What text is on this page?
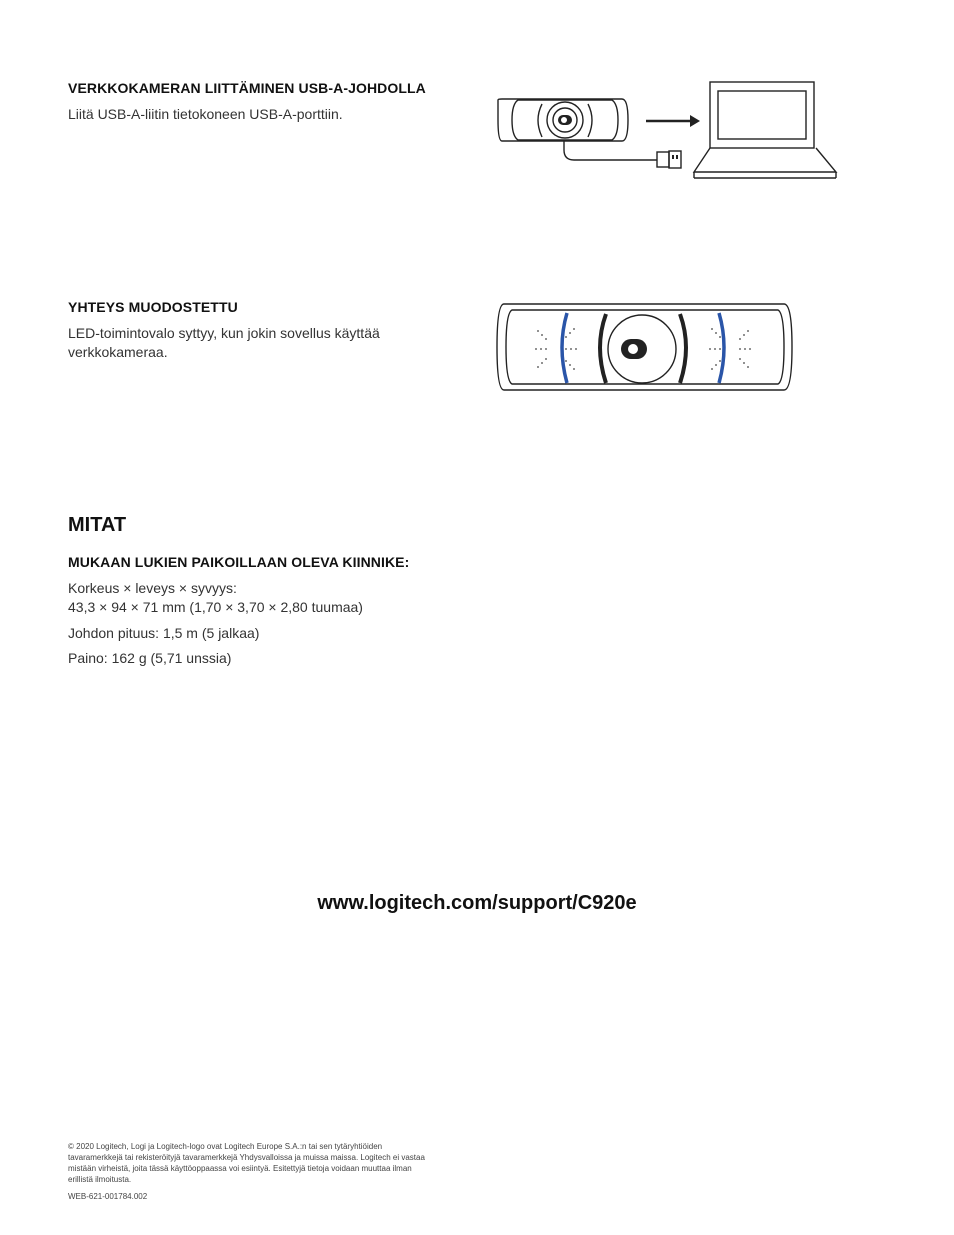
VERKKOKAMERAN LIITTÄMINEN USB-A-JOHDOLLA
Liitä USB-A-liitin tietokoneen USB-A-porttiin.
YHTEYS MUODOSTETTU
LED-toimintovalo syttyy, kun jokin sovellus käyttää
verkkokameraa.
MITAT
MUKAAN LUKIEN PAIKOILLAAN OLEVA KIINNIKE:
Korkeus × leveys × syvyys:
43,3 × 94 × 71 mm (1,70 × 3,70 × 2,80 tuumaa)
Johdon pituus: 1,5 m (5 jalkaa)
Paino: 162 g (5,71 unssia)
www.logitech.com/support/C920e
© 2020 Logitech, Logi ja Logitech-logo ovat Logitech Europe S.A.:n tai sen tytäryhtiöiden
tavaramerkkejä tai rekisteröityjä tavaramerkkejä Yhdysvalloissa ja muissa maissa. Logitech ei vastaa
mistään virheistä, joita tässä käyttöoppaassa voi esiintyä. Esitettyjä tietoja voidaan muuttaa ilman
erillistä ilmoitusta.
WEB-621-001784.002
